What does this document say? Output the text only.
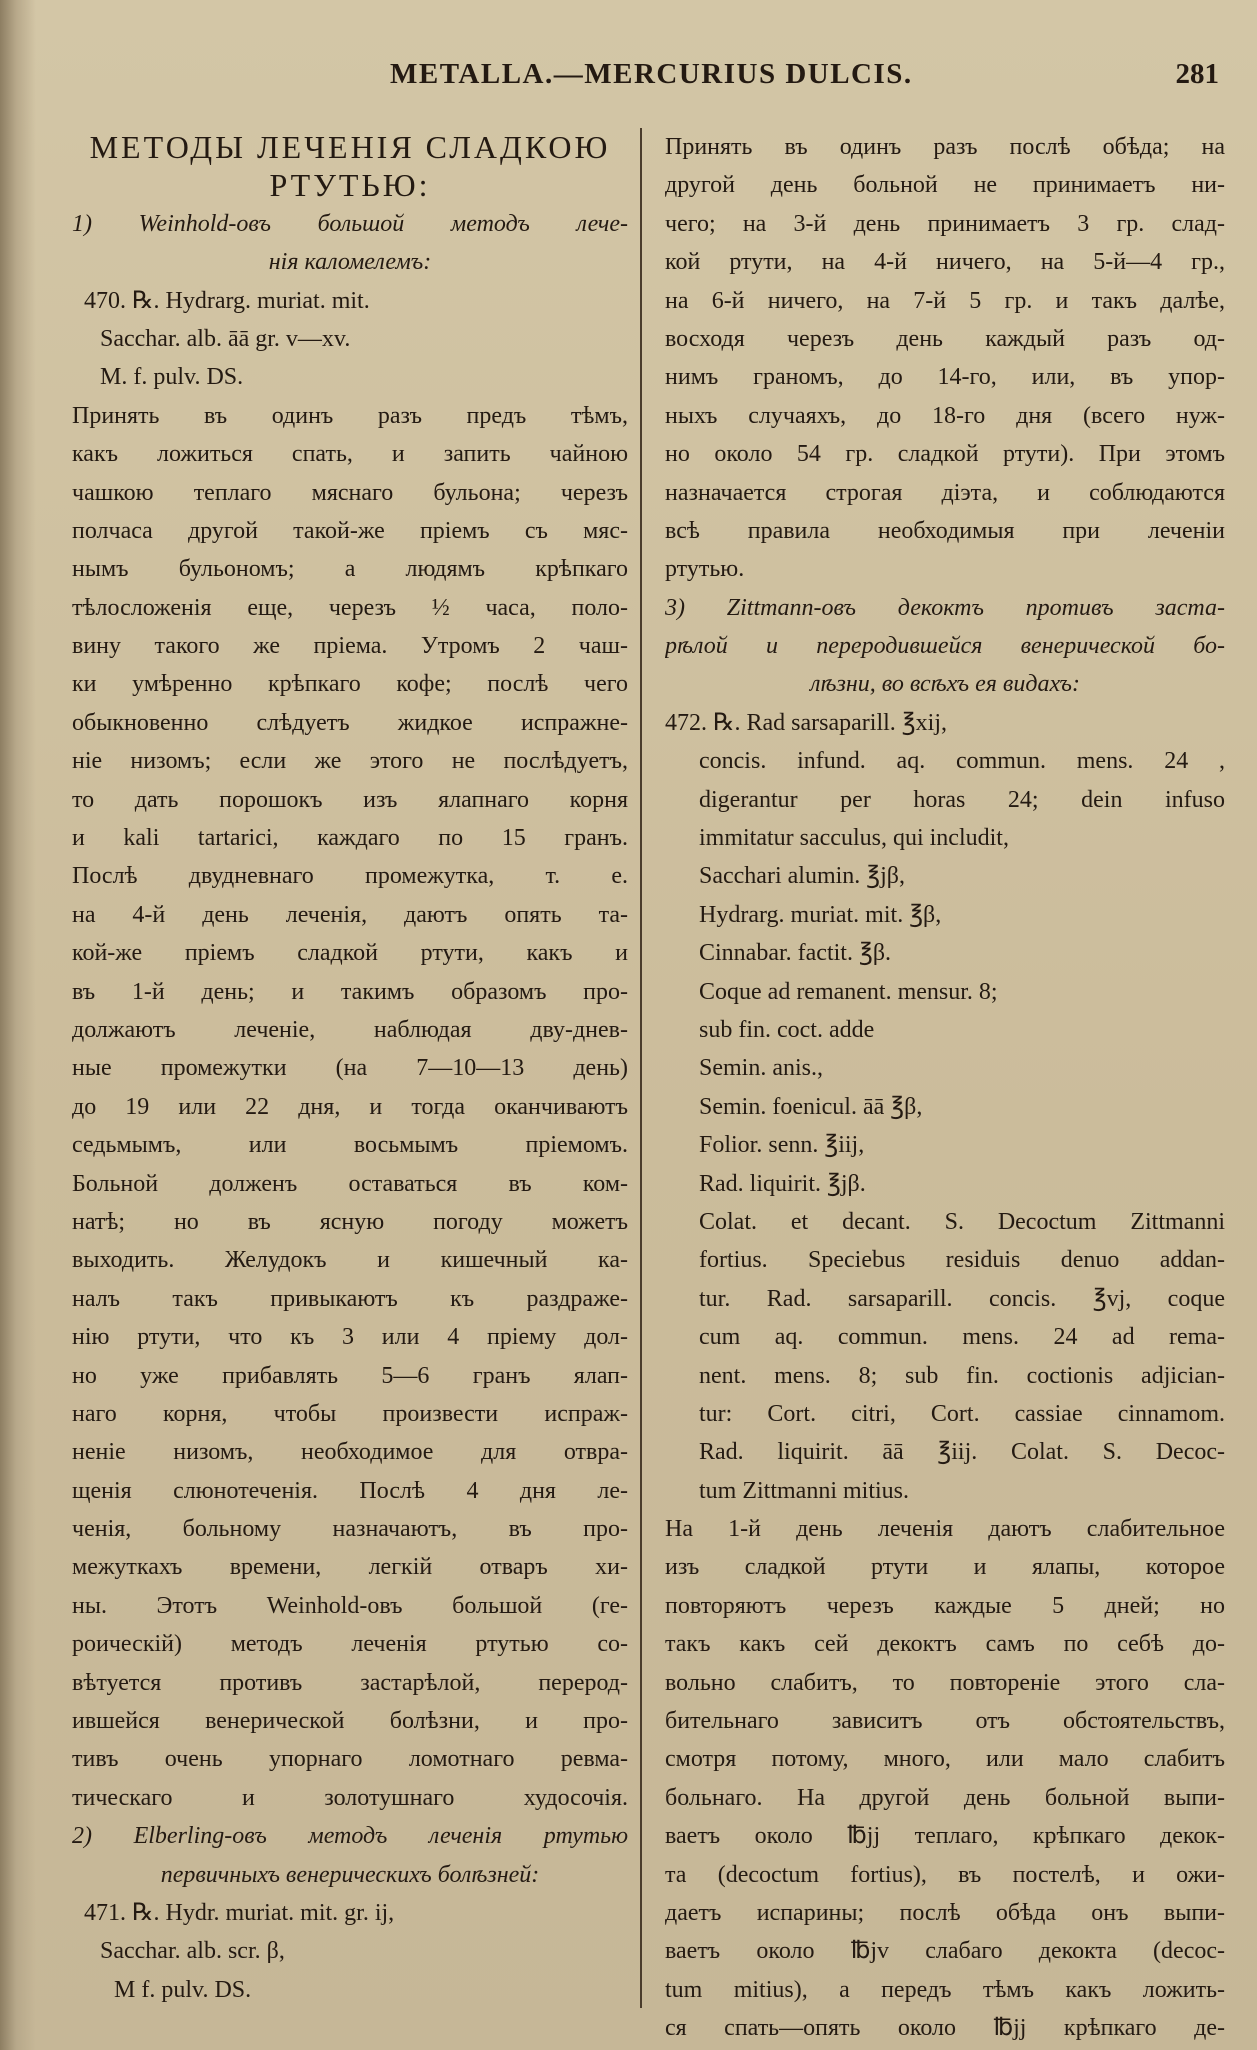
METALLA.—MERCURIUS DULCIS.	281
МЕТОДЫ ЛЕЧЕНІЯ СЛАДКОЮ
РТУТЬЮ:
1) Weinhold-овъ большой методъ лече-
нія каломелемъ:
470. ℞. Hydrarg. muriat. mit.
Sacchar. alb. āā gr. v—xv.
M. f. pulv. DS.
Принять въ одинъ разъ предъ тѣмъ,
какъ ложиться спать, и запить чайною
чашкою теплаго мяснаго бульона; черезъ
полчаса другой такой-же пріемъ съ мяс-
нымъ бульономъ; а людямъ крѣпкаго
тѣлосложенія еще, черезъ ½ часа, поло-
вину такого же пріема. Утромъ 2 чаш-
ки умѣренно крѣпкаго кофе; послѣ чего
обыкновенно слѣдуетъ жидкое испражне-
ніе низомъ; если же этого не послѣдуетъ,
то дать порошокъ изъ ялапнаго корня
и kali tartarici, каждаго по 15 гранъ.
Послѣ двудневнаго промежутка, т. е.
на 4-й день леченія, даютъ опять та-
кой-же пріемъ сладкой ртути, какъ и
въ 1-й день; и такимъ образомъ про-
должаютъ леченіе, наблюдая дву-днев-
ные промежутки (на 7—10—13 день)
до 19 или 22 дня, и тогда оканчиваютъ
седьмымъ, или восьмымъ пріемомъ.
Больной долженъ оставаться въ ком-
натѣ; но въ ясную погоду можетъ
выходить. Желудокъ и кишечный ка-
налъ такъ привыкаютъ къ раздраже-
нію ртути, что къ 3 или 4 пріему дол-
но уже прибавлять 5—6 гранъ ялап-
наго корня, чтобы произвести испраж-
неніе низомъ, необходимое для отвра-
щенія слюнотеченія. Послѣ 4 дня ле-
ченія, больному назначаютъ, въ про-
межуткахъ времени, легкій отваръ хи-
ны. Этотъ Weinhold-овъ большой (ге-
роическій) методъ леченія ртутью со-
вѣтуется противъ застарѣлой, перерод-
ившейся венерической болѣзни, и про-
тивъ очень упорнаго ломотнаго ревма-
тическаго и золотушнаго худосочія.
2) Elberling-овъ методъ леченія ртутью
первичныхъ венерическихъ болѣзней:
471. ℞. Hydr. muriat. mit. gr. ij,
Sacchar. alb. scr. β,
M f. pulv. DS.
Принять въ одинъ разъ послѣ обѣда; на
другой день больной не принимаетъ ни-
чего; на 3-й день принимаетъ 3 гр. слад-
кой ртути, на 4-й ничего, на 5-й—4 гр.,
на 6-й ничего, на 7-й 5 гр. и такъ далѣе,
восходя черезъ день каждый разъ од-
нимъ грaномъ, до 14-го, или, въ упор-
ныхъ случаяхъ, до 18-го дня (всего нуж-
но около 54 гр. сладкой ртути). При этомъ
назначается строгая діэта, и соблюдаются
всѣ правила необходимыя при леченіи
ртутью.
3) Zittmann-овъ декоктъ противъ заста-
рѣлой и переродившейся венерической бо-
лѣзни, во всѣхъ ея видахъ:
472. ℞. Rad sarsaparill. ℥xij,
concis. infund. aq. commun. mens. 24 ,
digerantur per horas 24; dein infuso
immitatur sacculus, qui includit,
Sacchari alumin. ℥jβ,
Hydrarg. muriat. mit. ℥β,
Cinnabar. factit. ℥β.
Coque ad remanent. mensur. 8;
sub fin. coct. adde
Semin. anis.,
Semin. foenicul. āā ℥β,
Folior. senn. ℥iij,
Rad. liquirit. ℥jβ.
Colat. et decant. S. Decoctum Zittmanni
fortius. Speciebus residuis denuo addan-
tur. Rad. sarsaparill. concis. ℥vj, coque
cum aq. commun. mens. 24 ad rema-
nent. mens. 8; sub fin. coctionis adjician-
tur: Cort. citri, Cort. cassiae cinnamom.
Rad. liquirit. āā ℥iij. Colat. S. Decoc-
tum Zittmanni mitius.
На 1-й день леченія даютъ слабительное
изъ сладкой ртути и ялапы, которое
повторяютъ черезъ каждые 5 дней; но
такъ какъ сей декоктъ самъ по себѣ до-
вольно слабитъ, то повтореніе этого сла-
бительнаго зависитъ отъ обстоятельствъ,
смотря потому, много, или мало слабитъ
больнаго. На другой день больной выпи-
ваетъ около ℔jj теплаго, крѣпкаго декок-
та (decoctum fortius), въ постелѣ, и ожи-
даетъ испарины; послѣ обѣда онъ выпи-
ваетъ около ℔jv слабаго декокта (decoc-
tum mitius), а передъ тѣмъ какъ ложить-
ся спать—опять около ℔jj крѣпкаго де-
